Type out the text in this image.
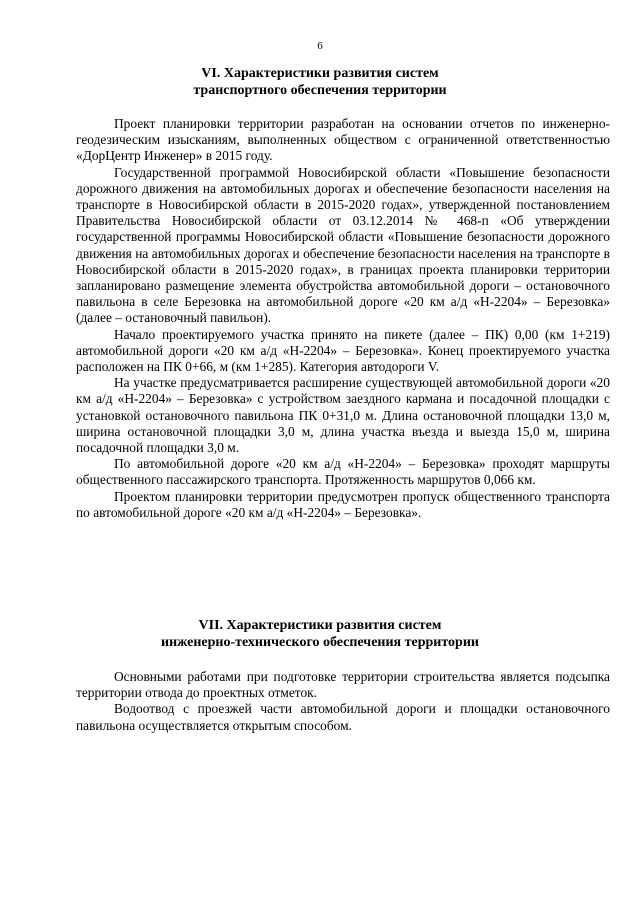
6
VI. Характеристики развития систем
транспортного обеспечения территории

Проект планировки территории разработан на основании отчетов по инженерно-геодезическим изысканиям, выполненных обществом с ограниченной ответственностью «ДорЦентр Инженер» в 2015 году.

Государственной программой Новосибирской области «Повышение безопасности дорожного движения на автомобильных дорогах и обеспечение безопасности населения на транспорте в Новосибирской области в 2015-2020 годах», утвержденной постановлением Правительства Новосибирской области от 03.12.2014 № 468-п «Об утверждении государственной программы Новосибирской области «Повышение безопасности дорожного движения на автомобильных дорогах и обеспечение безопасности населения на транспорте в Новосибирской области в 2015-2020 годах», в границах проекта планировки территории запланировано размещение элемента обустройства автомобильной дороги – остановочного павильона в селе Березовка на автомобильной дороге «20 км а/д «Н-2204» – Березовка» (далее – остановочный павильон).

Начало проектируемого участка принято на пикете (далее – ПК) 0,00 (км 1+219) автомобильной дороги «20 км а/д «Н-2204» – Березовка». Конец проектируемого участка расположен на ПК 0+66, м (км 1+285). Категория автодороги V.

На участке предусматривается расширение существующей автомобильной дороги «20 км а/д «Н-2204» – Березовка» с устройством заездного кармана и посадочной площадки с установкой остановочного павильона ПК 0+31,0 м. Длина остановочной площадки 13,0 м, ширина остановочной площадки 3,0 м, длина участка въезда и выезда 15,0 м, ширина посадочной площадки 3,0 м.

По автомобильной дороге «20 км а/д «Н-2204» – Березовка» проходят маршруты общественного пассажирского транспорта. Протяженность маршрутов 0,066 км.

Проектом планировки территории предусмотрен пропуск общественного транспорта по автомобильной дороге «20 км а/д «Н-2204» – Березовка».

VII. Характеристики развития систем
инженерно-технического обеспечения территории

Основными работами при подготовке территории строительства является подсыпка территории отвода до проектных отметок.

Водоотвод с проезжей части автомобильной дороги и площадки остановочного павильона осуществляется открытым способом.
